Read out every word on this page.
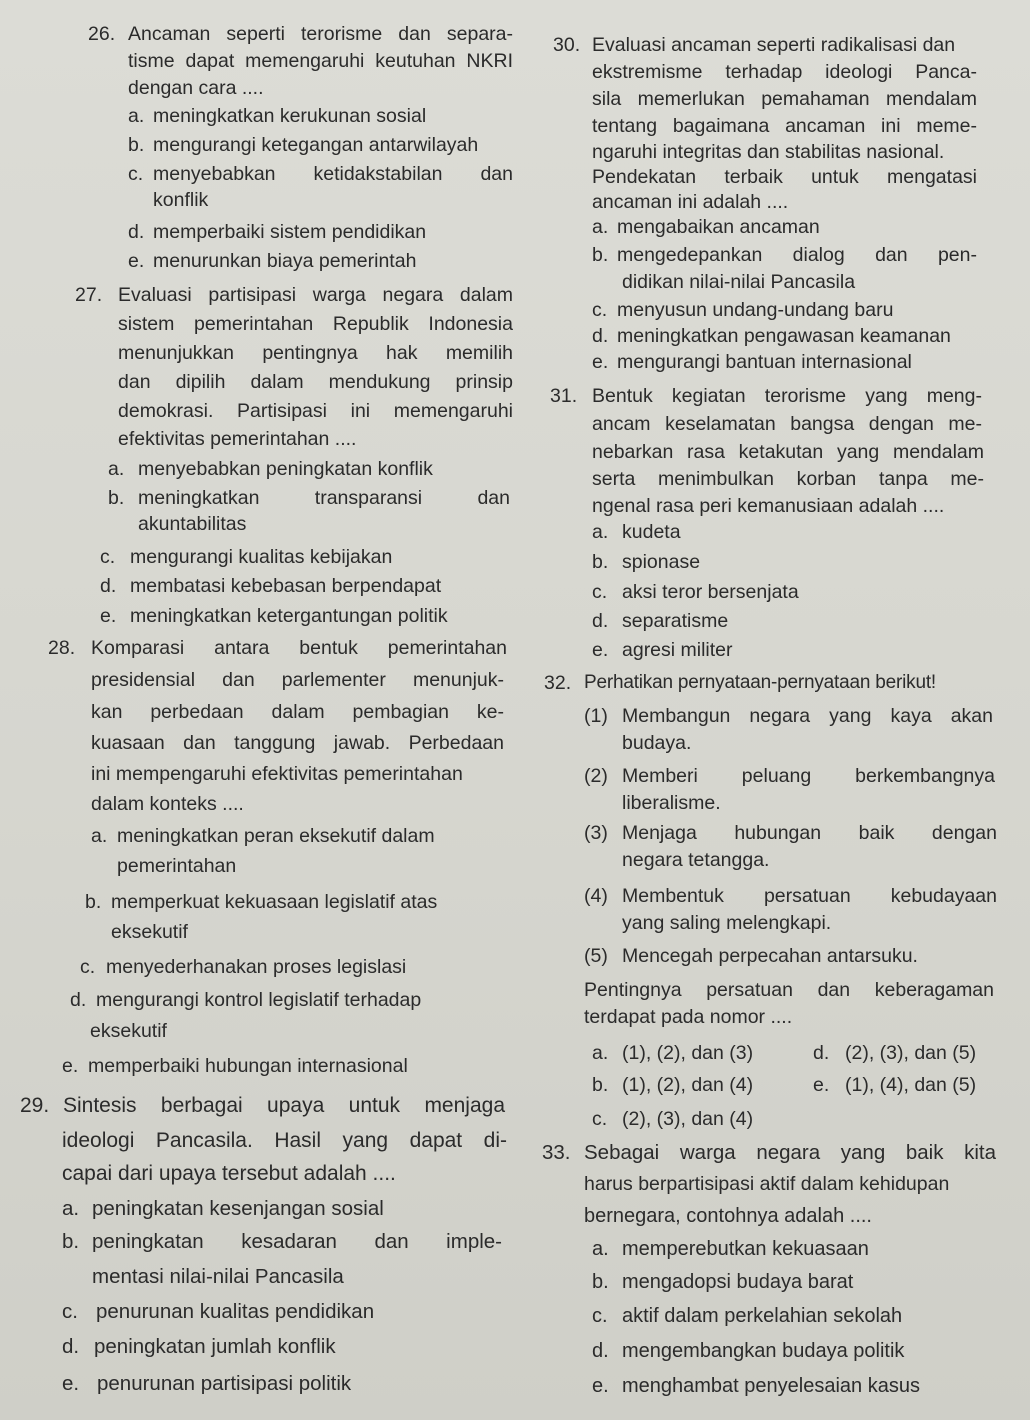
26. Ancaman seperti terorisme dan separa-
tisme dapat memengaruhi keutuhan NKRI
dengan cara ....
a. meningkatkan kerukunan sosial
b. mengurangi ketegangan antarwilayah
c. menyebabkan ketidakstabilan dan
konflik
d. memperbaiki sistem pendidikan
e. menurunkan biaya pemerintah
27. Evaluasi partisipasi warga negara dalam
sistem pemerintahan Republik Indonesia
menunjukkan pentingnya hak memilih
dan dipilih dalam mendukung prinsip
demokrasi. Partisipasi ini memengaruhi
efektivitas pemerintahan ....
a. menyebabkan peningkatan konflik
b. meningkatkan transparansi dan
akuntabilitas
c. mengurangi kualitas kebijakan
d. membatasi kebebasan berpendapat
e. meningkatkan ketergantungan politik
28. Komparasi antara bentuk pemerintahan
presidensial dan parlementer menunjuk-
kan perbedaan dalam pembagian ke-
kuasaan dan tanggung jawab. Perbedaan
ini mempengaruhi efektivitas pemerintahan
dalam konteks ....
a. meningkatkan peran eksekutif dalam
pemerintahan
b. memperkuat kekuasaan legislatif atas
eksekutif
c. menyederhanakan proses legislasi
d. mengurangi kontrol legislatif terhadap
eksekutif
e. memperbaiki hubungan internasional
29. Sintesis berbagai upaya untuk menjaga
ideologi Pancasila. Hasil yang dapat di-
capai dari upaya tersebut adalah ....
a. peningkatan kesenjangan sosial
b. peningkatan kesadaran dan imple-
mentasi nilai-nilai Pancasila
c. penurunan kualitas pendidikan
d. peningkatan jumlah konflik
e. penurunan partisipasi politik
30. Evaluasi ancaman seperti radikalisasi dan
ekstremisme terhadap ideologi Panca-
sila memerlukan pemahaman mendalam
tentang bagaimana ancaman ini meme-
ngaruhi integritas dan stabilitas nasional.
Pendekatan terbaik untuk mengatasi
ancaman ini adalah ....
a. mengabaikan ancaman
b. mengedepankan dialog dan pen-
didikan nilai-nilai Pancasila
c. menyusun undang-undang baru
d. meningkatkan pengawasan keamanan
e. mengurangi bantuan internasional
31. Bentuk kegiatan terorisme yang meng-
ancam keselamatan bangsa dengan me-
nebarkan rasa ketakutan yang mendalam
serta menimbulkan korban tanpa me-
ngenal rasa peri kemanusiaan adalah ....
a. kudeta
b. spionase
c. aksi teror bersenjata
d. separatisme
e. agresi militer
32. Perhatikan pernyataan-pernyataan berikut!
(1) Membangun negara yang kaya akan
budaya.
(2) Memberi peluang berkembangnya
liberalisme.
(3) Menjaga hubungan baik dengan
negara tetangga.
(4) Membentuk persatuan kebudayaan
yang saling melengkapi.
(5) Mencegah perpecahan antarsuku.
Pentingnya persatuan dan keberagaman
terdapat pada nomor ....
a. (1), (2), dan (3)	d. (2), (3), dan (5)
b. (1), (2), dan (4)	e. (1), (4), dan (5)
c. (2), (3), dan (4)
33. Sebagai warga negara yang baik kita
harus berpartisipasi aktif dalam kehidupan
bernegara, contohnya adalah ....
a. memperebutkan kekuasaan
b. mengadopsi budaya barat
c. aktif dalam perkelahian sekolah
d. mengembangkan budaya politik
e. menghambat penyelesaian kasus
